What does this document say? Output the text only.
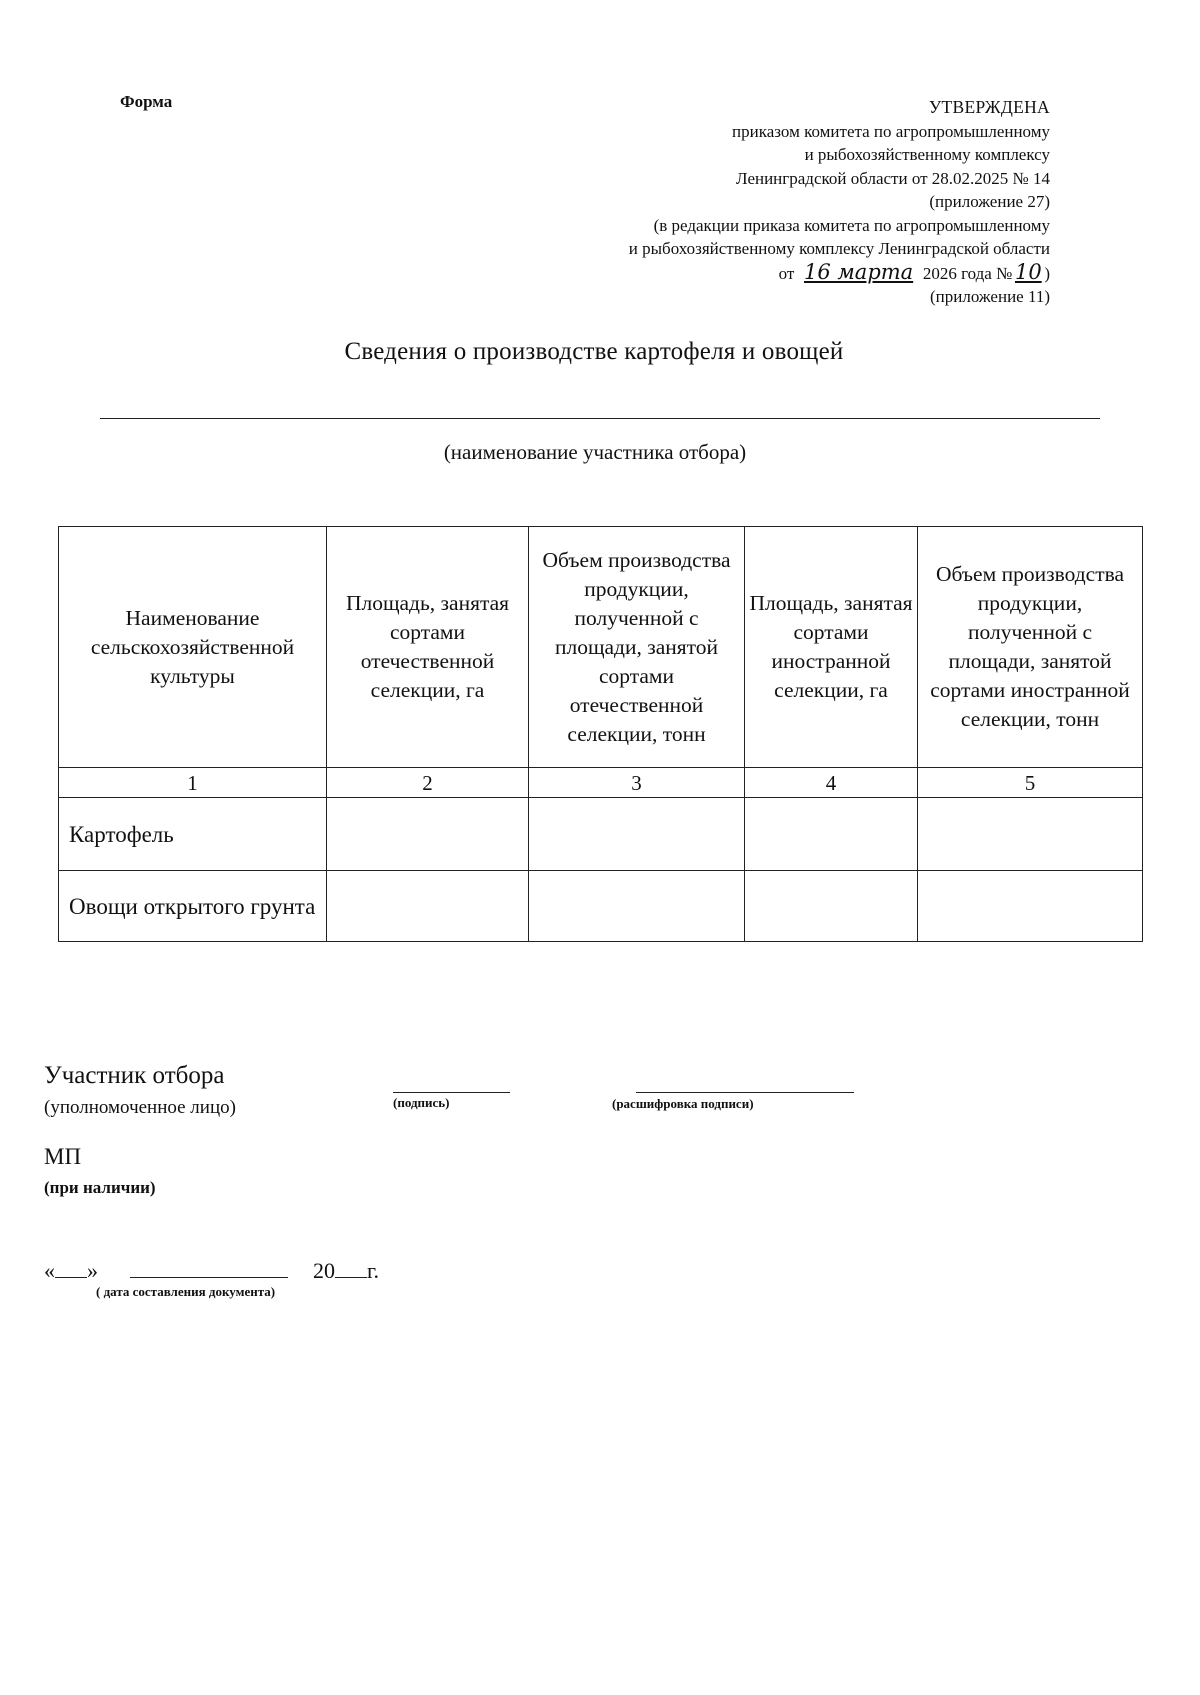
Форма	УТВЕРЖДЕНА
приказом комитета по агропромышленному
и рыбохозяйственному комплексу
Ленинградской области от 28.02.2025 № 14
(приложение 27)
(в редакции приказа комитета по агропромышленному
и рыбохозяйственному комплексу Ленинградской области
от 16 марта 2026 года № 10 )
(приложение 11)
Сведения о производстве картофеля и овощей
(наименование участника отбора)
Наименование сельскохозяйственной культуры	Площадь, занятая сортами отечественной селекции, га	Объем производства продукции, полученной с площади, занятой сортами отечественной селекции, тонн	Площадь, занятая сортами иностранной селекции, га	Объем производства продукции, полученной с площади, занятой сортами иностранной селекции, тонн
1	2	3	4	5
Картофель				
Овощи открытого грунта				
Участник отбора
(уполномоченное лицо)	(подпись)	(расшифровка подписи)
МП
(при наличии)
« »	20 г.
( дата составления документа)
